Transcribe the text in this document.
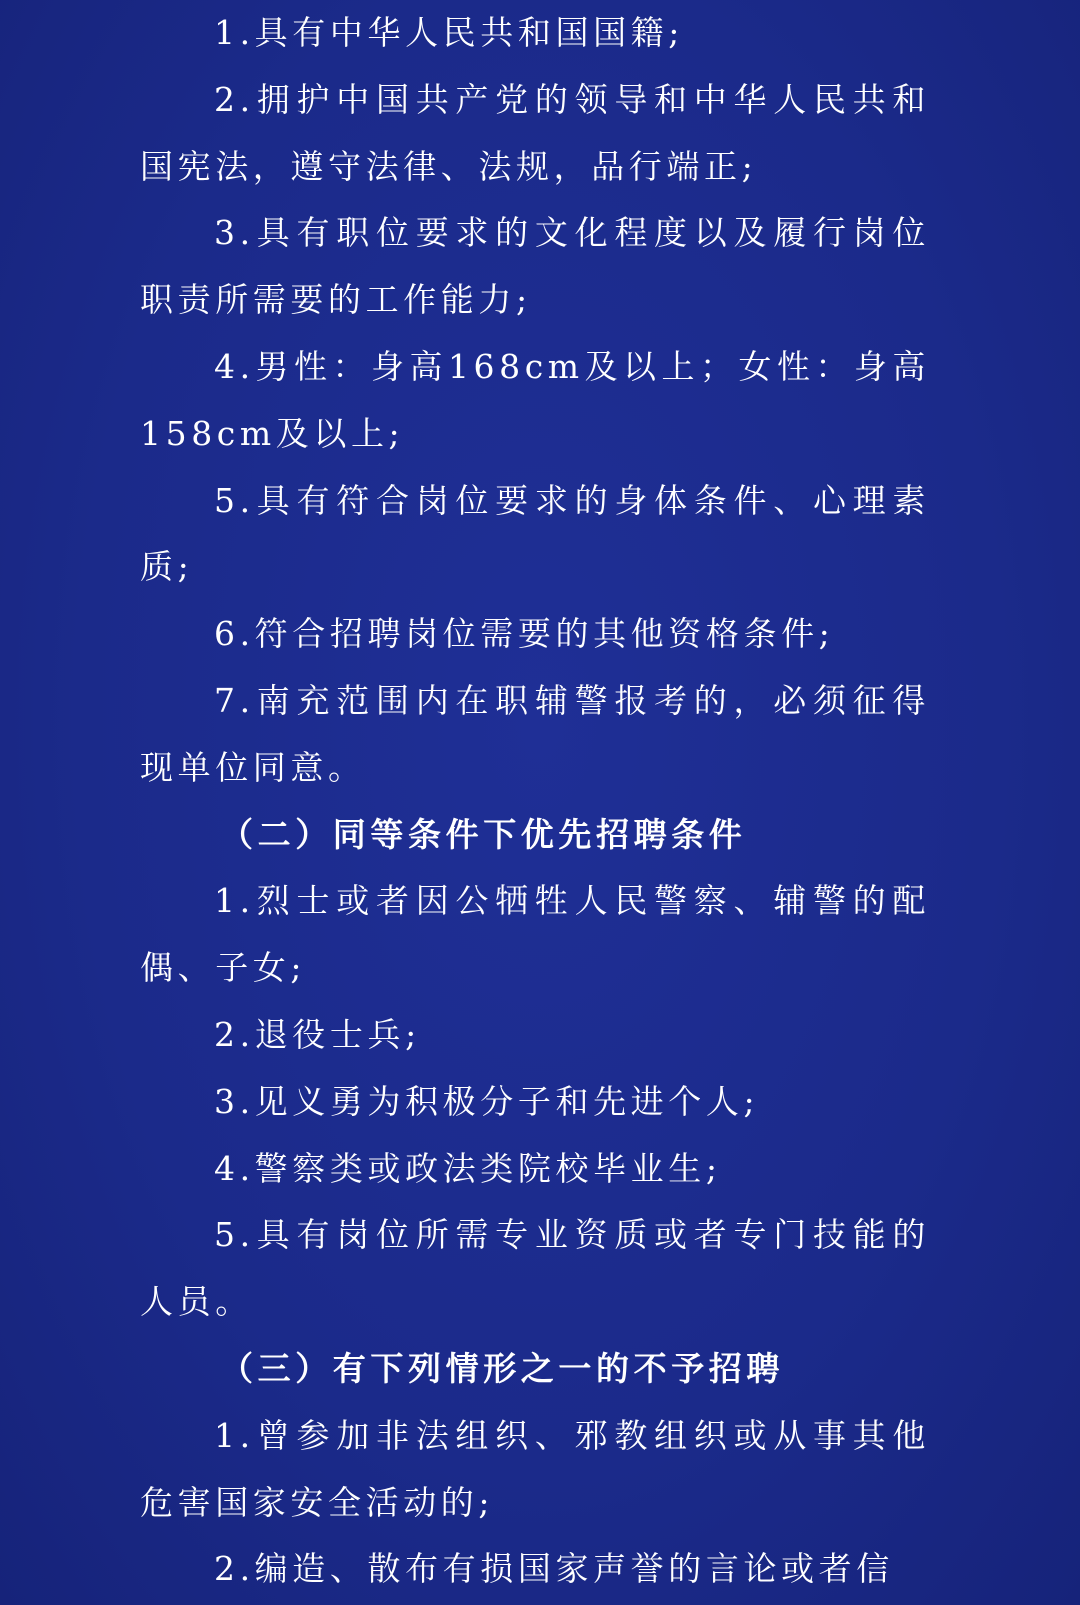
1.具有中华人民共和国国籍;

2.拥护中国共产党的领导和中华人民共和国宪法，遵守法律、法规，品行端正;

3.具有职位要求的文化程度以及履行岗位职责所需要的工作能力;

4.男性：身高168cm及以上；女性：身高158cm及以上;

5.具有符合岗位要求的身体条件、心理素质;

6.符合招聘岗位需要的其他资格条件;

7.南充范围内在职辅警报考的，必须征得现单位同意。

（二）同等条件下优先招聘条件

1.烈士或者因公牺牲人民警察、辅警的配偶、子女;

2.退役士兵;

3.见义勇为积极分子和先进个人;

4.警察类或政法类院校毕业生;

5.具有岗位所需专业资质或者专门技能的人员。

（三）有下列情形之一的不予招聘

1.曾参加非法组织、邪教组织或从事其他危害国家安全活动的;

2.编造、散布有损国家声誉的言论或者信
